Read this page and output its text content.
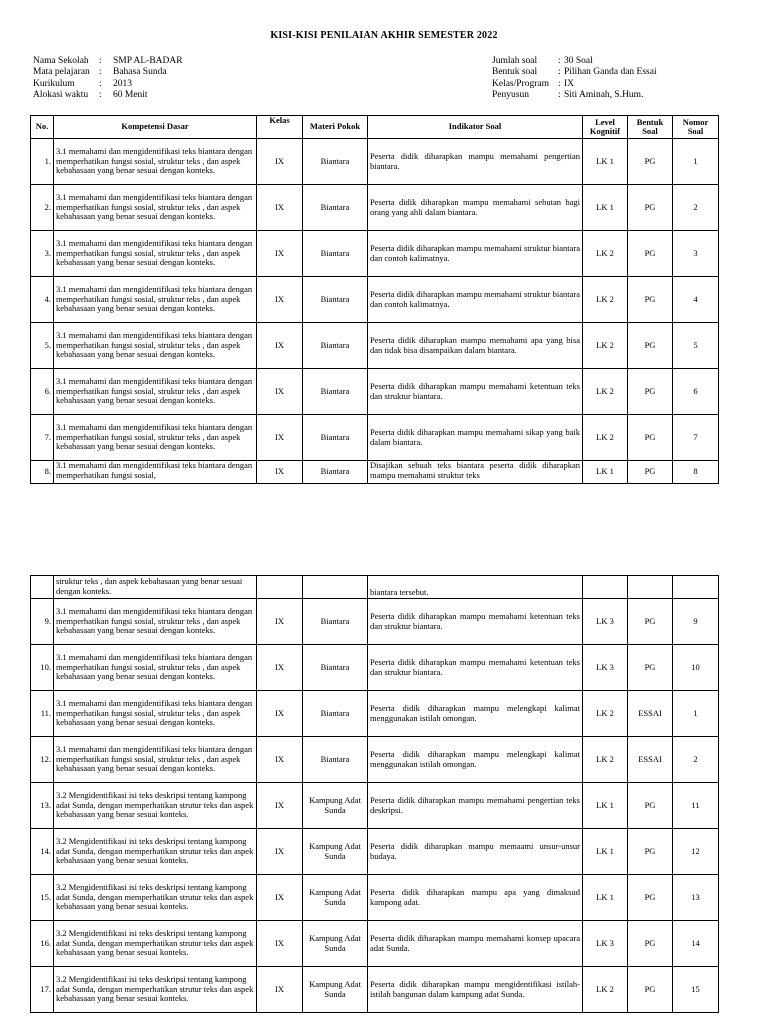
KISI-KISI PENILAIAN AKHIR SEMESTER 2022
Nama Sekolah	:	SMP AL-BADAR
Mata pelajaran :	Bahasa Sunda
Kurikulum	:	2013
Alokasi waktu	:	60 Menit
Jumlah soal	: 30 Soal
Bentuk soal	: Pilihan Ganda dan Essai
Kelas/Program : IX
Penyusun	: Siti Aminah, S.Hum.
No.	Kompetensi Dasar	Kelas	Materi Pokok	Indikator Soal	Level Kognitif	Bentuk Soal	Nomor Soal
1.	3.1 memahami dan mengidentifikasi teks biantara dengan memperhatikan fungsi sosial, struktur teks , dan aspek kebahasaan yang benar sesuai dengan konteks.	IX	Biantara	Peserta didik diharapkan mampu memahami pengertian biantara.	LK 1	PG	1
2.	3.1 memahami dan mengidentifikasi teks biantara dengan memperhatikan fungsi sosial, struktur teks , dan aspek kebahasaan yang benar sesuai dengan konteks.	IX	Biantara	Peserta didik diharapkan mampu memahami sebutan bagi orang yang ahli dalam biantara.	LK 1	PG	2
3.	3.1 memahami dan mengidentifikasi teks biantara dengan memperhatikan fungsi sosial, struktur teks , dan aspek kebahasaan yang benar sesuai dengan konteks.	IX	Biantara	Peserta didik diharapkan mampu memahami struktur biantara dan contoh kalimatnya.	LK 2	PG	3
4.	3.1 memahami dan mengidentifikasi teks biantara dengan memperhatikan fungsi sosial, struktur teks , dan aspek kebahasaan yang benar sesuai dengan konteks.	IX	Biantara	Peserta didik diharapkan mampu memahami struktur biantara dan contoh kalimatnya.	LK 2	PG	4
5.	3.1 memahami dan mengidentifikasi teks biantara dengan memperhatikan fungsi sosial, struktur teks , dan aspek kebahasaan yang benar sesuai dengan konteks.	IX	Biantara	Peserta didik diharapkan mampu memahami apa yang bisa dan tidak bisa disampaikan dalam biantara.	LK 2	PG	5
6.	3.1 memahami dan mengidentifikasi teks biantara dengan memperhatikan fungsi sosial, struktur teks , dan aspek kebahasaan yang benar sesuai dengan konteks.	IX	Biantara	Peserta didik diharapkan mampu memahami ketentuan teks dan struktur biantara.	LK 2	PG	6
7.	3.1 memahami dan mengidentifikasi teks biantara dengan memperhatikan fungsi sosial, struktur teks , dan aspek kebahasaan yang benar sesuai dengan konteks.	IX	Biantara	Peserta didik diharapkan mampu memahami sikap yang baik dalam biantara.	LK 2	PG	7
8.	3.1 memahami dan mengidentifikasi teks biantara dengan memperhatikan fungsi sosial,	IX	Biantara	Disajikan sebuah teks biantara peserta didik diharapkan mampu memahami struktur teks	LK 1	PG	8
	struktur teks , dan aspek kebahasaan yang benar sesuai dengan konteks.			biantara tersebut.			
9.	3.1 memahami dan mengidentifikasi teks biantara dengan memperhatikan fungsi sosial, struktur teks , dan aspek kebahasaan yang benar sesuai dengan konteks.	IX	Biantara	Peserta didik diharapkan mampu memahami ketentuan teks dan struktur biantara.	LK 3	PG	9
10.	3.1 memahami dan mengidentifikasi teks biantara dengan memperhatikan fungsi sosial, struktur teks , dan aspek kebahasaan yang benar sesuai dengan konteks.	IX	Biantara	Peserta didik diharapkan mampu memahami ketentuan teks dan struktur biantara.	LK 3	PG	10
11.	3.1 memahami dan mengidentifikasi teks biantara dengan memperhatikan fungsi sosial, struktur teks , dan aspek kebahasaan yang benar sesuai dengan konteks.	IX	Biantara	Peserta didik diharapkan mampu melengkapi kalimat menggunakan istilah omongan.	LK 2	ESSAI	1
12.	3.1 memahami dan mengidentifikasi teks biantara dengan memperhatikan fungsi sosial, struktur teks , dan aspek kebahasaan yang benar sesuai dengan konteks.	IX	Biantara	Peserta didik diharapkan mampu melengkapi kalimat menggunakan istilah omongan.	LK 2	ESSAI	2
13.	3.2 Mengidentifikasi isi teks deskripsi tentang kampong adat Sunda, dengan memperhatikan strutur teks dan aspek kebahasaan yang benar sesuai konteks.	IX	Kampung Adat Sunda	Peserta didik diharapkan mampu memahami pengertian teks deskripsi.	LK 1	PG	11
14.	3.2 Mengidentifikasi isi teks deskripsi tentang kampong adat Sunda, dengan memperhatikan strutur teks dan aspek kebahasaan yang benar sesuai konteks.	IX	Kampung Adat Sunda	Peserta didik diharapkan mampu memaami unsur-unsur budaya.	LK 1	PG	12
15.	3.2 Mengidentifikasi isi teks deskripsi tentang kampong adat Sunda, dengan memperhatikan strutur teks dan aspek kebahasaan yang benar sesuai konteks.	IX	Kampung Adat Sunda	Peserta didik diharapkan mampu apa yang dimaksud kampong adat.	LK 1	PG	13
16.	3.2 Mengidentifikasi isi teks deskripsi tentang kampong adat Sunda, dengan memperhatikan strutur teks dan aspek kebahasaan yang benar sesuai konteks.	IX	Kampung Adat Sunda	Peserta didik diharapkan mampu memahami konsep upacara adat Sunda.	LK 3	PG	14
17.	3.2 Mengidentifikasi isi teks deskripsi tentang kampong adat Sunda, dengan memperhatikan strutur teks dan aspek kebahasaan yang benar sesuai konteks.	IX	Kampung Adat Sunda	Peserta didik diharapkan mampu mengidentifikasi istilah-istilah bangunan dalam kampung adat Sunda.	LK 2	PG	15
